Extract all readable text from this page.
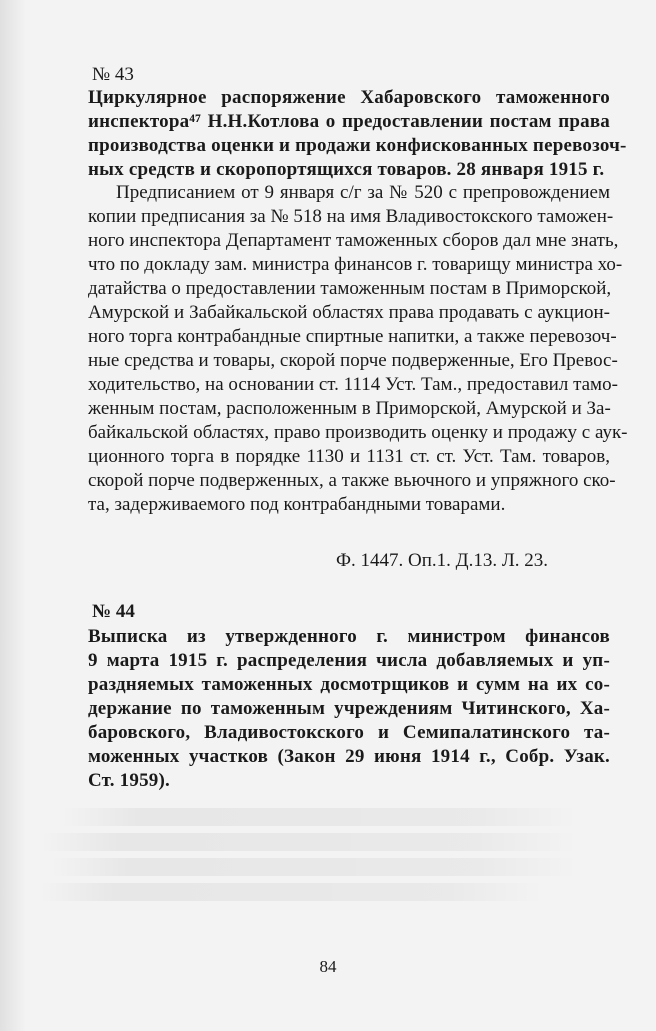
№ 43
Циркулярное распоряжение Хабаровского таможенного
инспектора⁴⁷ Н.Н.Котлова о предоставлении постам права
производства оценки и продажи конфискованных перевозоч-
ных средств и скоропортящихся товаров. 28 января 1915 г.
Предписанием от 9 января с/г за № 520 с препровождением
копии предписания за № 518 на имя Владивостокского таможен-
ного инспектора Департамент таможенных сборов дал мне знать,
что по докладу зам. министра финансов г. товарищу министра хо-
датайства о предоставлении таможенным постам в Приморской,
Амурской и Забайкальской областях права продавать с аукцион-
ного торга контрабандные спиртные напитки, а также перевозоч-
ные средства и товары, скорой порче подверженные, Его Превос-
ходительство, на основании ст. 1114 Уст. Там., предоставил тамо-
женным постам, расположенным в Приморской, Амурской и За-
байкальской областях, право производить оценку и продажу с аук-
ционного торга в порядке 1130 и 1131 ст. ст. Уст. Там. товаров,
скорой порче подверженных, а также вьючного и упряжного ско-
та, задерживаемого под контрабандными товарами.
Ф. 1447. Оп.1. Д.13. Л. 23.
№ 44
Выписка из утвержденного г. министром финансов
9 марта 1915 г. распределения числа добавляемых и уп-
раздняемых таможенных досмотрщиков и сумм на их со-
держание по таможенным учреждениям Читинского, Ха-
баровского, Владивостокского и Семипалатинского та-
моженных участков (Закон 29 июня 1914 г., Собр. Узак.
Ст. 1959).
84
